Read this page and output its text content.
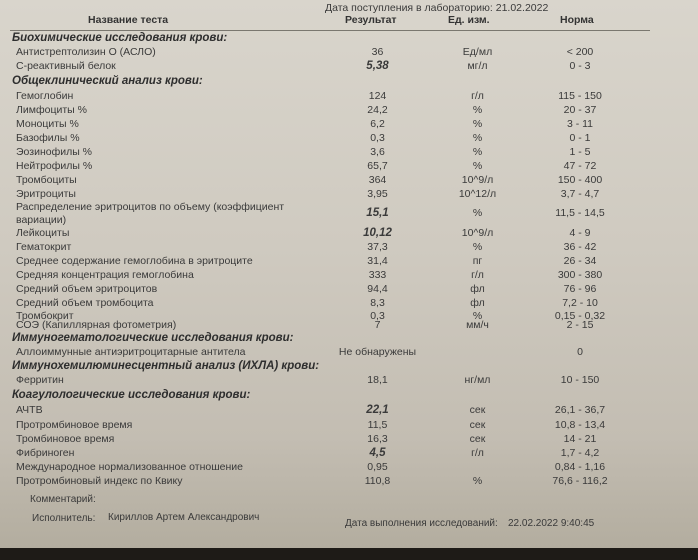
Дата поступления в лабораторию: 21.02.2022
Название теста	Результат	Ед. изм.	Норма
Биохимические исследования крови:
Антистрептолизин О (АСЛО)	36	Ед/мл	< 200
С-реактивный белок	5,38	мг/л	0 - 3
Общеклинический анализ крови:
Гемоглобин	124	г/л	115 - 150
Лимфоциты %	24,2	%	20 - 37
Моноциты %	6,2	%	3 - 11
Базофилы %	0,3	%	0 - 1
Эозинофилы %	3,6	%	1 - 5
Нейтрофилы %	65,7	%	47 - 72
Тромбоциты	364	10^9/л	150 - 400
Эритроциты	3,95	10^12/л	3,7 - 4,7
Распределение эритроцитов по объему (коэффициент вариации)
15,1	%	11,5 - 14,5
Лейкоциты	10,12	10^9/л	4 - 9
Гематокрит	37,3	%	36 - 42
Среднее содержание гемоглобина в эритроците	31,4	пг	26 - 34
Средняя концентрация гемоглобина	333	г/л	300 - 380
Средний объем эритроцитов	94,4	фл	76 - 96
Средний объем тромбоцита	8,3	фл	7,2 - 10
Тромбокрит	0,3	%	0,15 - 0,32
СОЭ (Капиллярная фотометрия)	7	мм/ч	2 - 15
Иммуногематологические исследования крови:
Аллоиммунные антиэритроцитарные антитела	Не обнаружены	0
Иммунохемилюминесцентный анализ (ИХЛА) крови:
Ферритин	18,1	нг/мл	10 - 150
Коагулологические исследования крови:
АЧТВ	22,1	сек	26,1 - 36,7
Протромбиновое время	11,5	сек	10,8 - 13,4
Тромбиновое время	16,3	сек	14 - 21
Фибриноген	4,5	г/л	1,7 - 4,2
Международное нормализованное отношение	0,95	0,84 - 1,16
Протромбиновый индекс по Квику	110,8	%	76,6 - 116,2
Комментарий:
Исполнитель: Кириллов Артем Александрович
Дата выполнения исследований: 22.02.2022 9:40:45
